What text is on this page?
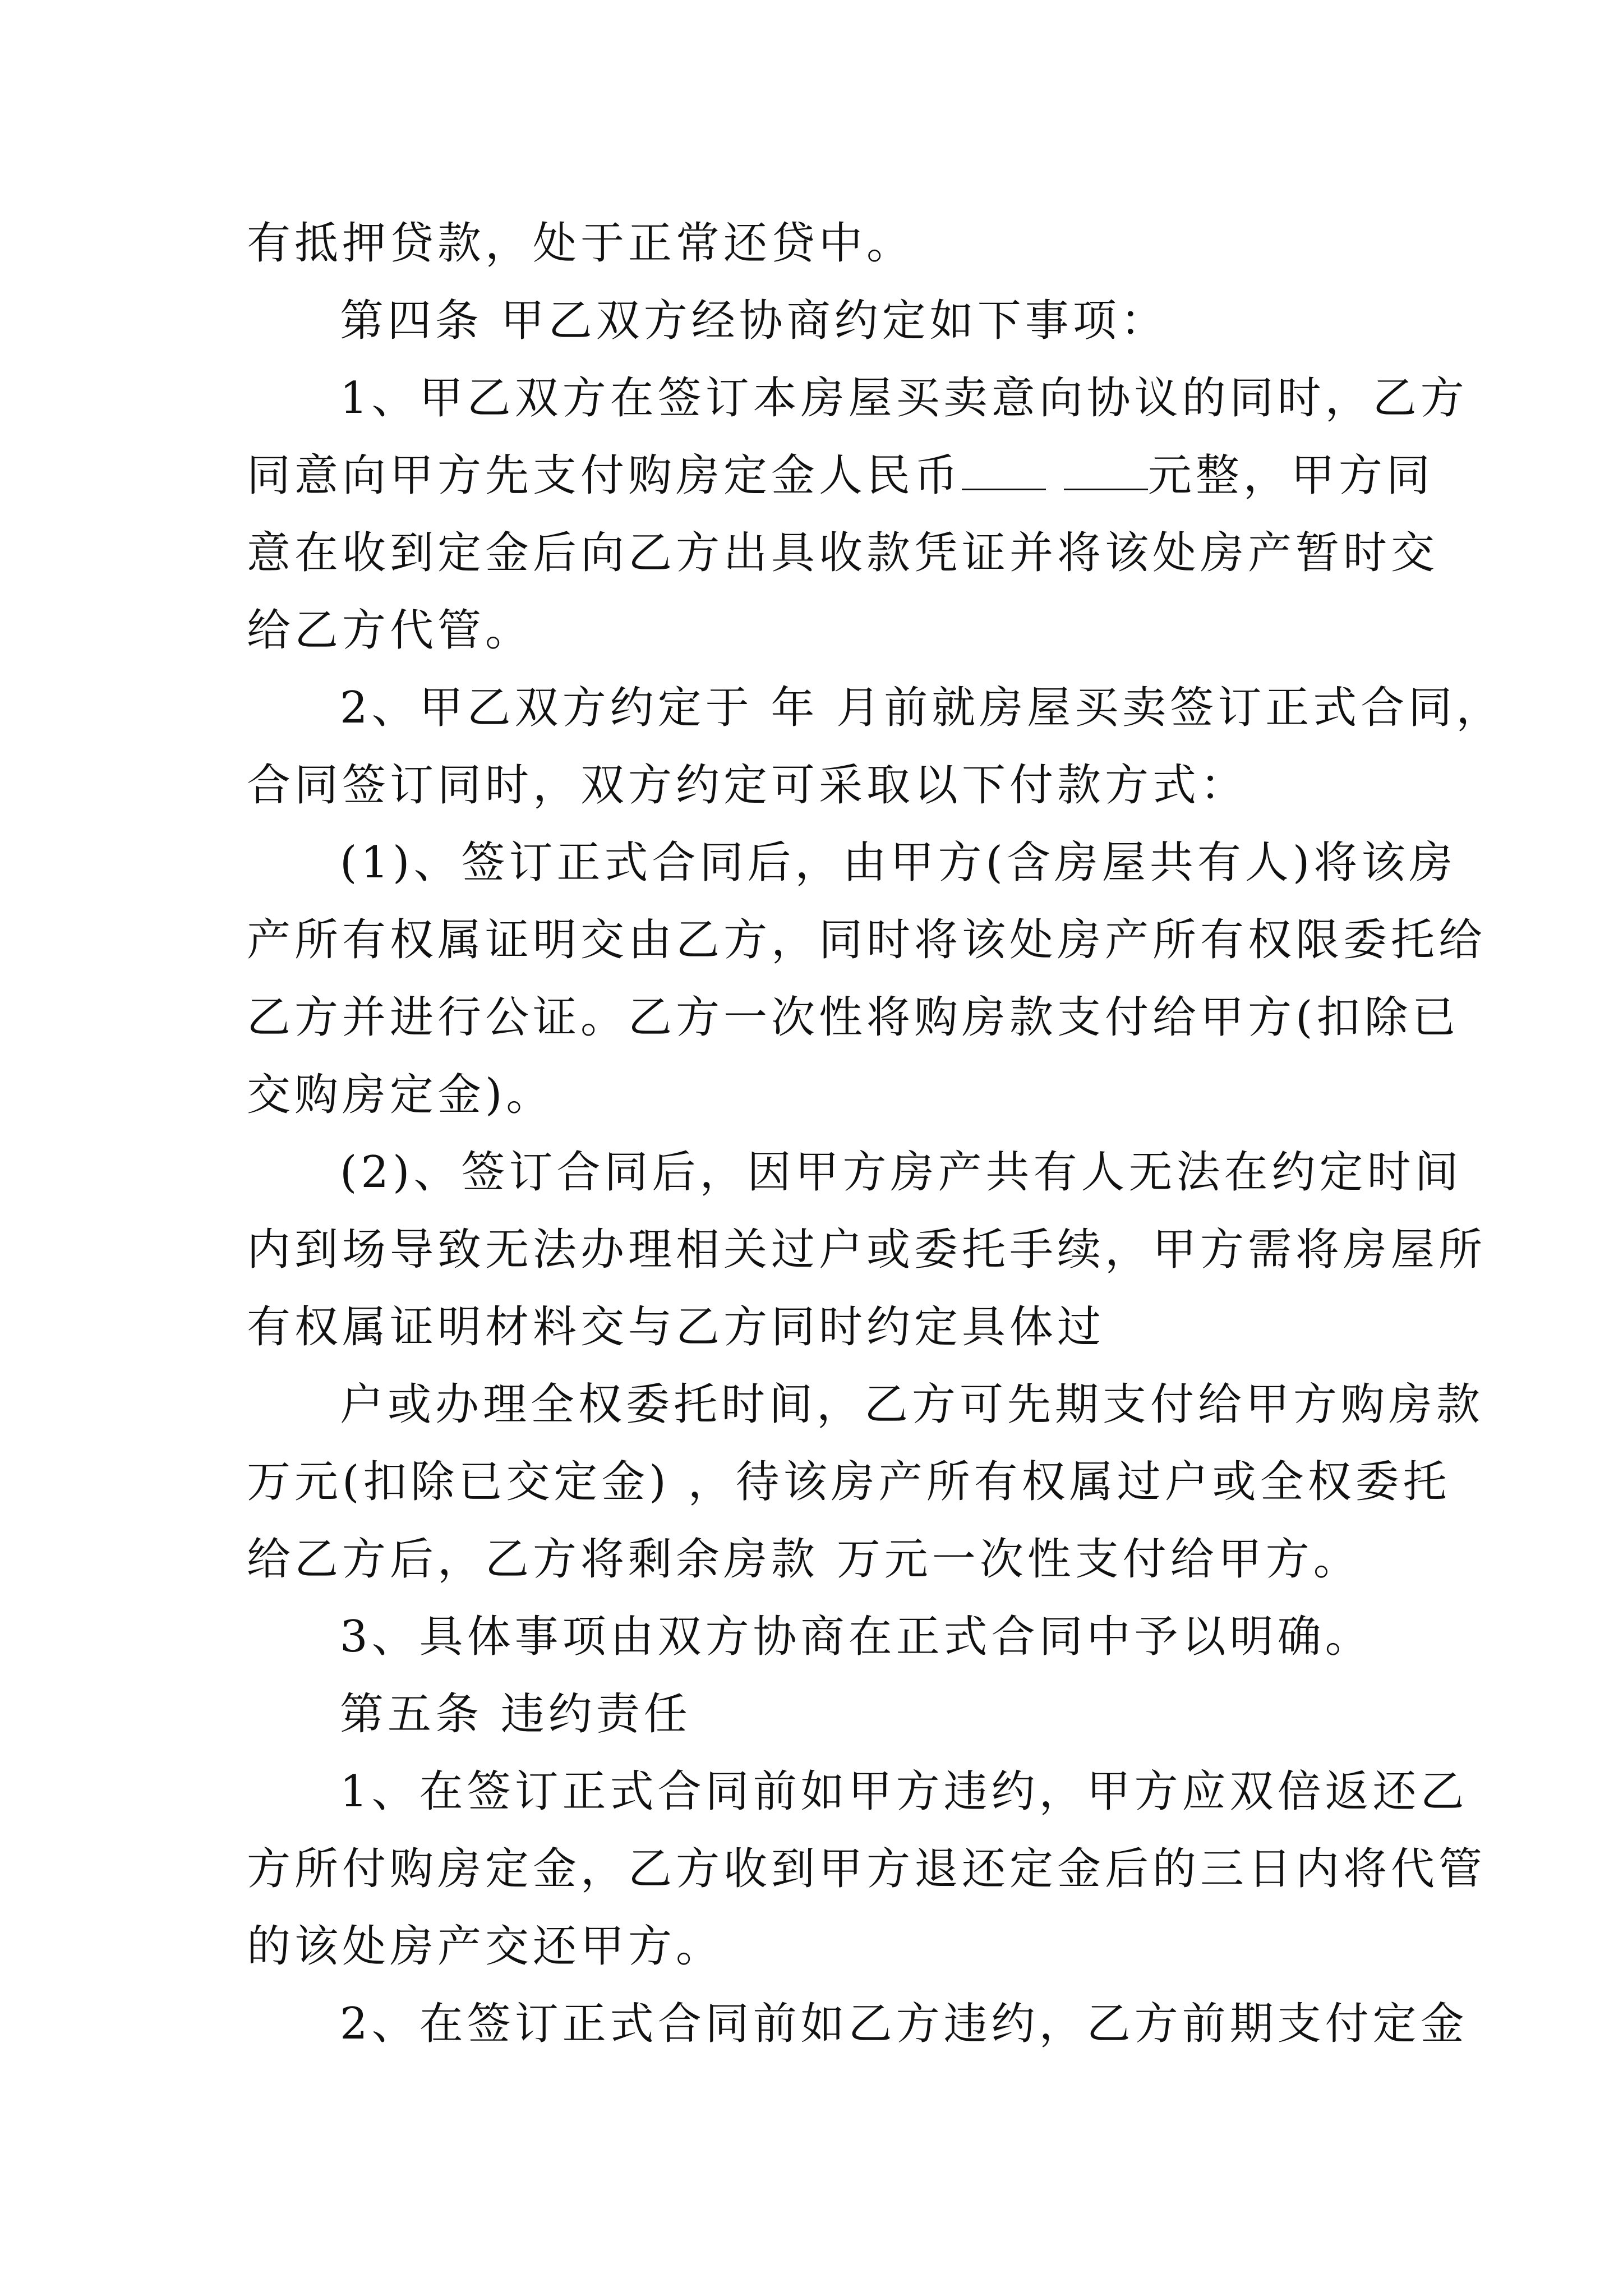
有抵押贷款，处于正常还贷中。
第四条 甲乙双方经协商约定如下事项：
1、甲乙双方在签订本房屋买卖意向协议的同时，乙方
同意向甲方先支付购房定金人民币	元整，甲方同
意在收到定金后向乙方出具收款凭证并将该处房产暂时交
给乙方代管。
2、甲乙双方约定于 年 月前就房屋买卖签订正式合同，
合同签订同时，双方约定可采取以下付款方式：
(1)、签订正式合同后，由甲方(含房屋共有人)将该房
产所有权属证明交由乙方，同时将该处房产所有权限委托给
乙方并进行公证。乙方一次性将购房款支付给甲方(扣除已
交购房定金)。
(2)、签订合同后，因甲方房产共有人无法在约定时间
内到场导致无法办理相关过户或委托手续，甲方需将房屋所
有权属证明材料交与乙方同时约定具体过
户或办理全权委托时间，乙方可先期支付给甲方购房款
万元(扣除已交定金) ，待该房产所有权属过户或全权委托
给乙方后，乙方将剩余房款 万元一次性支付给甲方。
3、具体事项由双方协商在正式合同中予以明确。
第五条 违约责任
1、在签订正式合同前如甲方违约，甲方应双倍返还乙
方所付购房定金，乙方收到甲方退还定金后的三日内将代管
的该处房产交还甲方。
2、在签订正式合同前如乙方违约，乙方前期支付定金
